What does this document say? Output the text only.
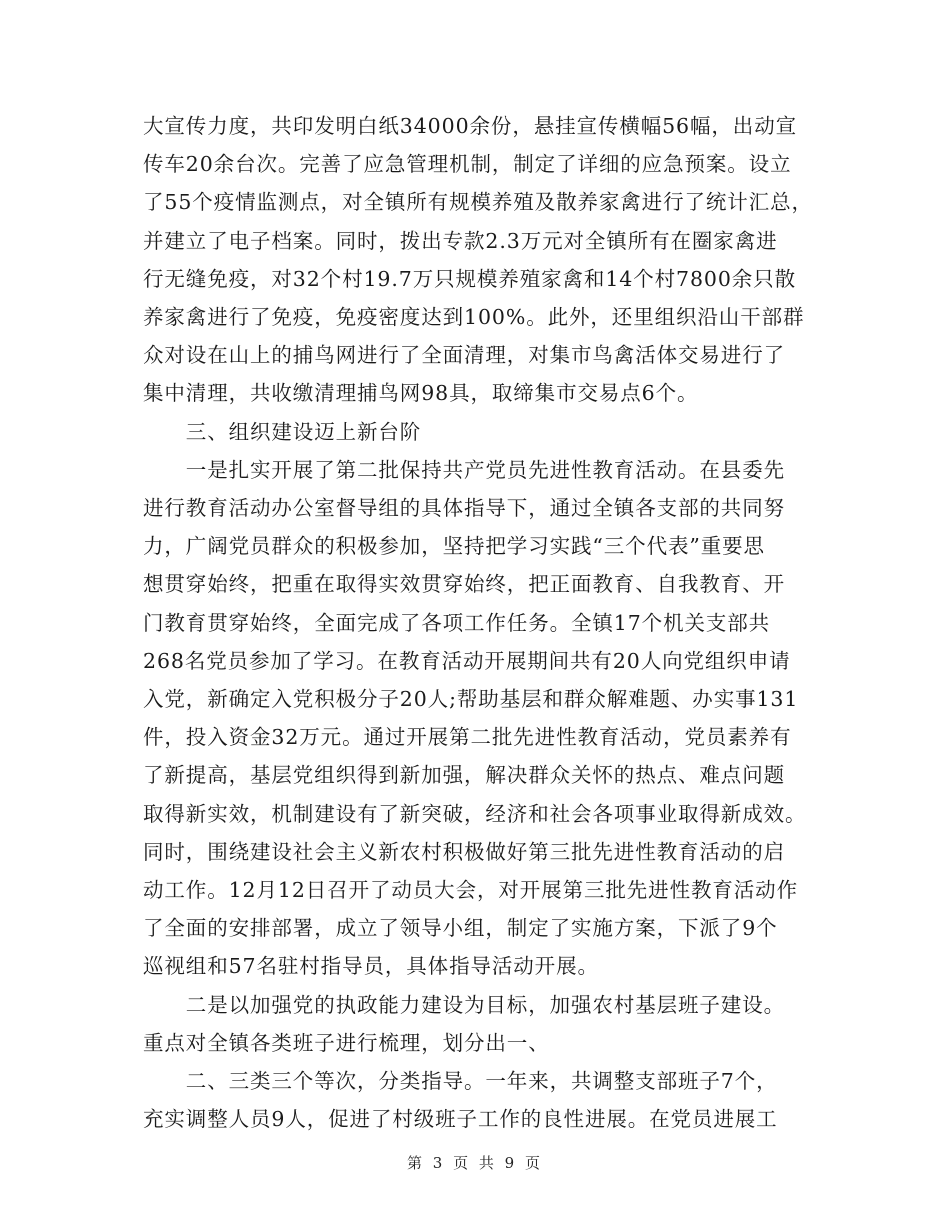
大宣传力度，共印发明白纸34000余份，悬挂宣传横幅56幅，出动宣

传车20余台次。完善了应急管理机制，制定了详细的应急预案。设立

了55个疫情监测点，对全镇所有规模养殖及散养家禽进行了统计汇总，

并建立了电子档案。同时，拨出专款2.3万元对全镇所有在圈家禽进

行无缝免疫，对32个村19.7万只规模养殖家禽和14个村7800余只散

养家禽进行了免疫，免疫密度达到100%。此外，还里组织沿山干部群

众对设在山上的捕鸟网进行了全面清理，对集市鸟禽活体交易进行了

集中清理，共收缴清理捕鸟网98具，取缔集市交易点6个。

　　三、组织建设迈上新台阶

　　一是扎实开展了第二批保持共产党员先进性教育活动。在县委先

进行教育活动办公室督导组的具体指导下，通过全镇各支部的共同努

力，广阔党员群众的积极参加，坚持把学习实践“三个代表”重要思

想贯穿始终，把重在取得实效贯穿始终，把正面教育、自我教育、开

门教育贯穿始终，全面完成了各项工作任务。全镇17个机关支部共

268名党员参加了学习。在教育活动开展期间共有20人向党组织申请

入党，新确定入党积极分子20人;帮助基层和群众解难题、办实事131

件，投入资金32万元。通过开展第二批先进性教育活动，党员素养有

了新提高，基层党组织得到新加强，解决群众关怀的热点、难点问题

取得新实效，机制建设有了新突破，经济和社会各项事业取得新成效。

同时，围绕建设社会主义新农村积极做好第三批先进性教育活动的启

动工作。12月12日召开了动员大会，对开展第三批先进性教育活动作

了全面的安排部署，成立了领导小组，制定了实施方案，下派了9个

巡视组和57名驻村指导员，具体指导活动开展。

　　二是以加强党的执政能力建设为目标，加强农村基层班子建设。

重点对全镇各类班子进行梳理，划分出一、

　　二、三类三个等次，分类指导。一年来，共调整支部班子7个，

充实调整人员9人，促进了村级班子工作的良性进展。在党员进展工

第 3 页 共 9 页
